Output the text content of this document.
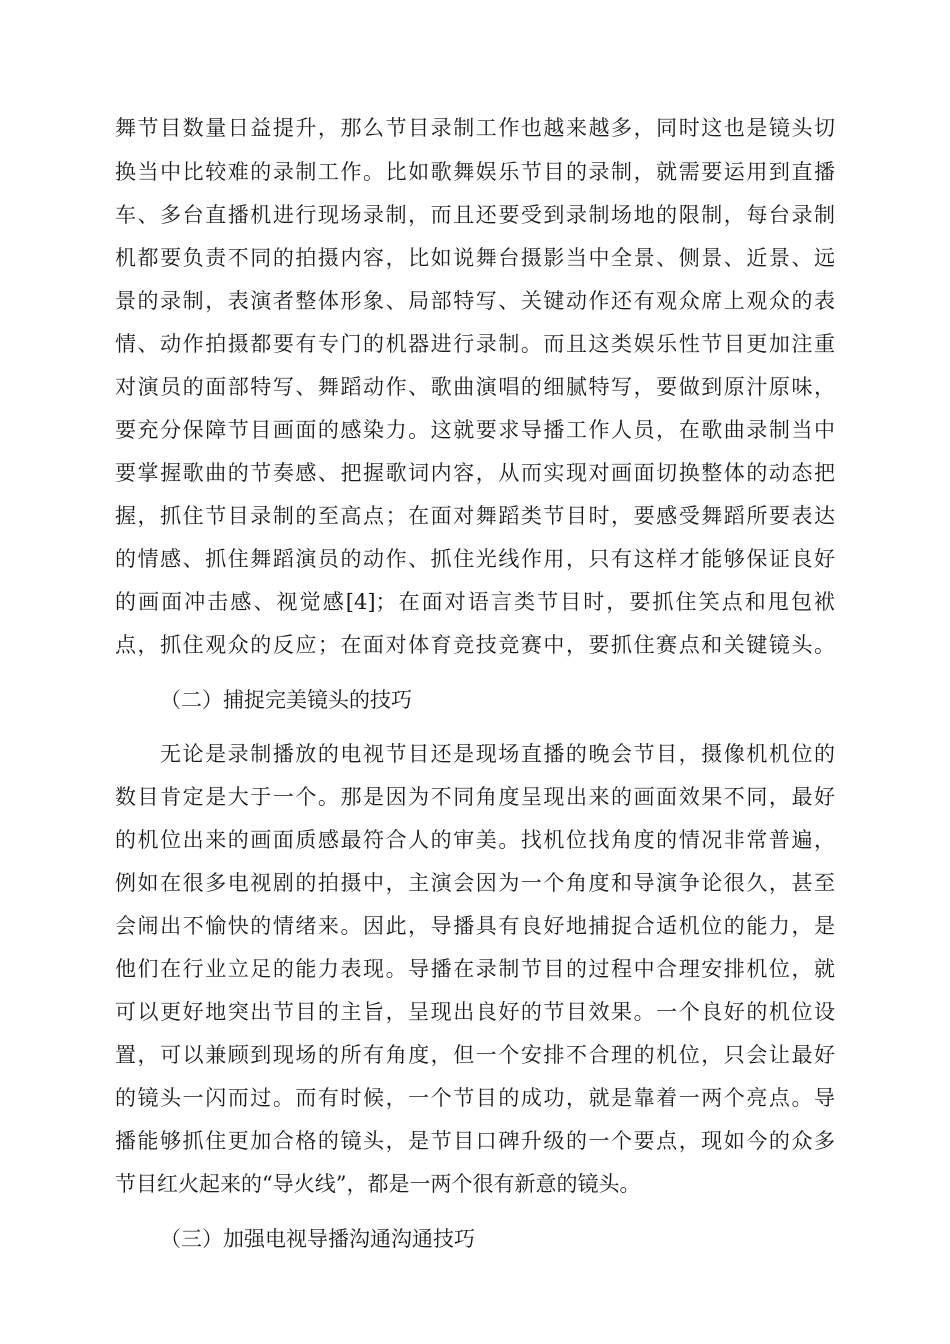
舞节目数量日益提升，那么节目录制工作也越来越多，同时这也是镜头切
换当中比较难的录制工作。比如歌舞娱乐节目的录制，就需要运用到直播
车、多台直播机进行现场录制，而且还要受到录制场地的限制，每台录制
机都要负责不同的拍摄内容，比如说舞台摄影当中全景、侧景、近景、远
景的录制，表演者整体形象、局部特写、关键动作还有观众席上观众的表
情、动作拍摄都要有专门的机器进行录制。而且这类娱乐性节目更加注重
对演员的面部特写、舞蹈动作、歌曲演唱的细腻特写，要做到原汁原味，
要充分保障节目画面的感染力。这就要求导播工作人员，在歌曲录制当中
要掌握歌曲的节奏感、把握歌词内容，从而实现对画面切换整体的动态把
握，抓住节目录制的至高点；在面对舞蹈类节目时，要感受舞蹈所要表达
的情感、抓住舞蹈演员的动作、抓住光线作用，只有这样才能够保证良好
的画面冲击感、视觉感[4]；在面对语言类节目时，要抓住笑点和甩包袱
点，抓住观众的反应；在面对体育竞技竞赛中，要抓住赛点和关键镜头。
（二）捕捉完美镜头的技巧
无论是录制播放的电视节目还是现场直播的晚会节目，摄像机机位的
数目肯定是大于一个。那是因为不同角度呈现出来的画面效果不同，最好
的机位出来的画面质感最符合人的审美。找机位找角度的情况非常普遍，
例如在很多电视剧的拍摄中，主演会因为一个角度和导演争论很久，甚至
会闹出不愉快的情绪来。因此，导播具有良好地捕捉合适机位的能力，是
他们在行业立足的能力表现。导播在录制节目的过程中合理安排机位，就
可以更好地突出节目的主旨，呈现出良好的节目效果。一个良好的机位设
置，可以兼顾到现场的所有角度，但一个安排不合理的机位，只会让最好
的镜头一闪而过。而有时候，一个节目的成功，就是靠着一两个亮点。导
播能够抓住更加合格的镜头，是节目口碑升级的一个要点，现如今的众多
节目红火起来的“导火线”，都是一两个很有新意的镜头。
（三）加强电视导播沟通沟通技巧
